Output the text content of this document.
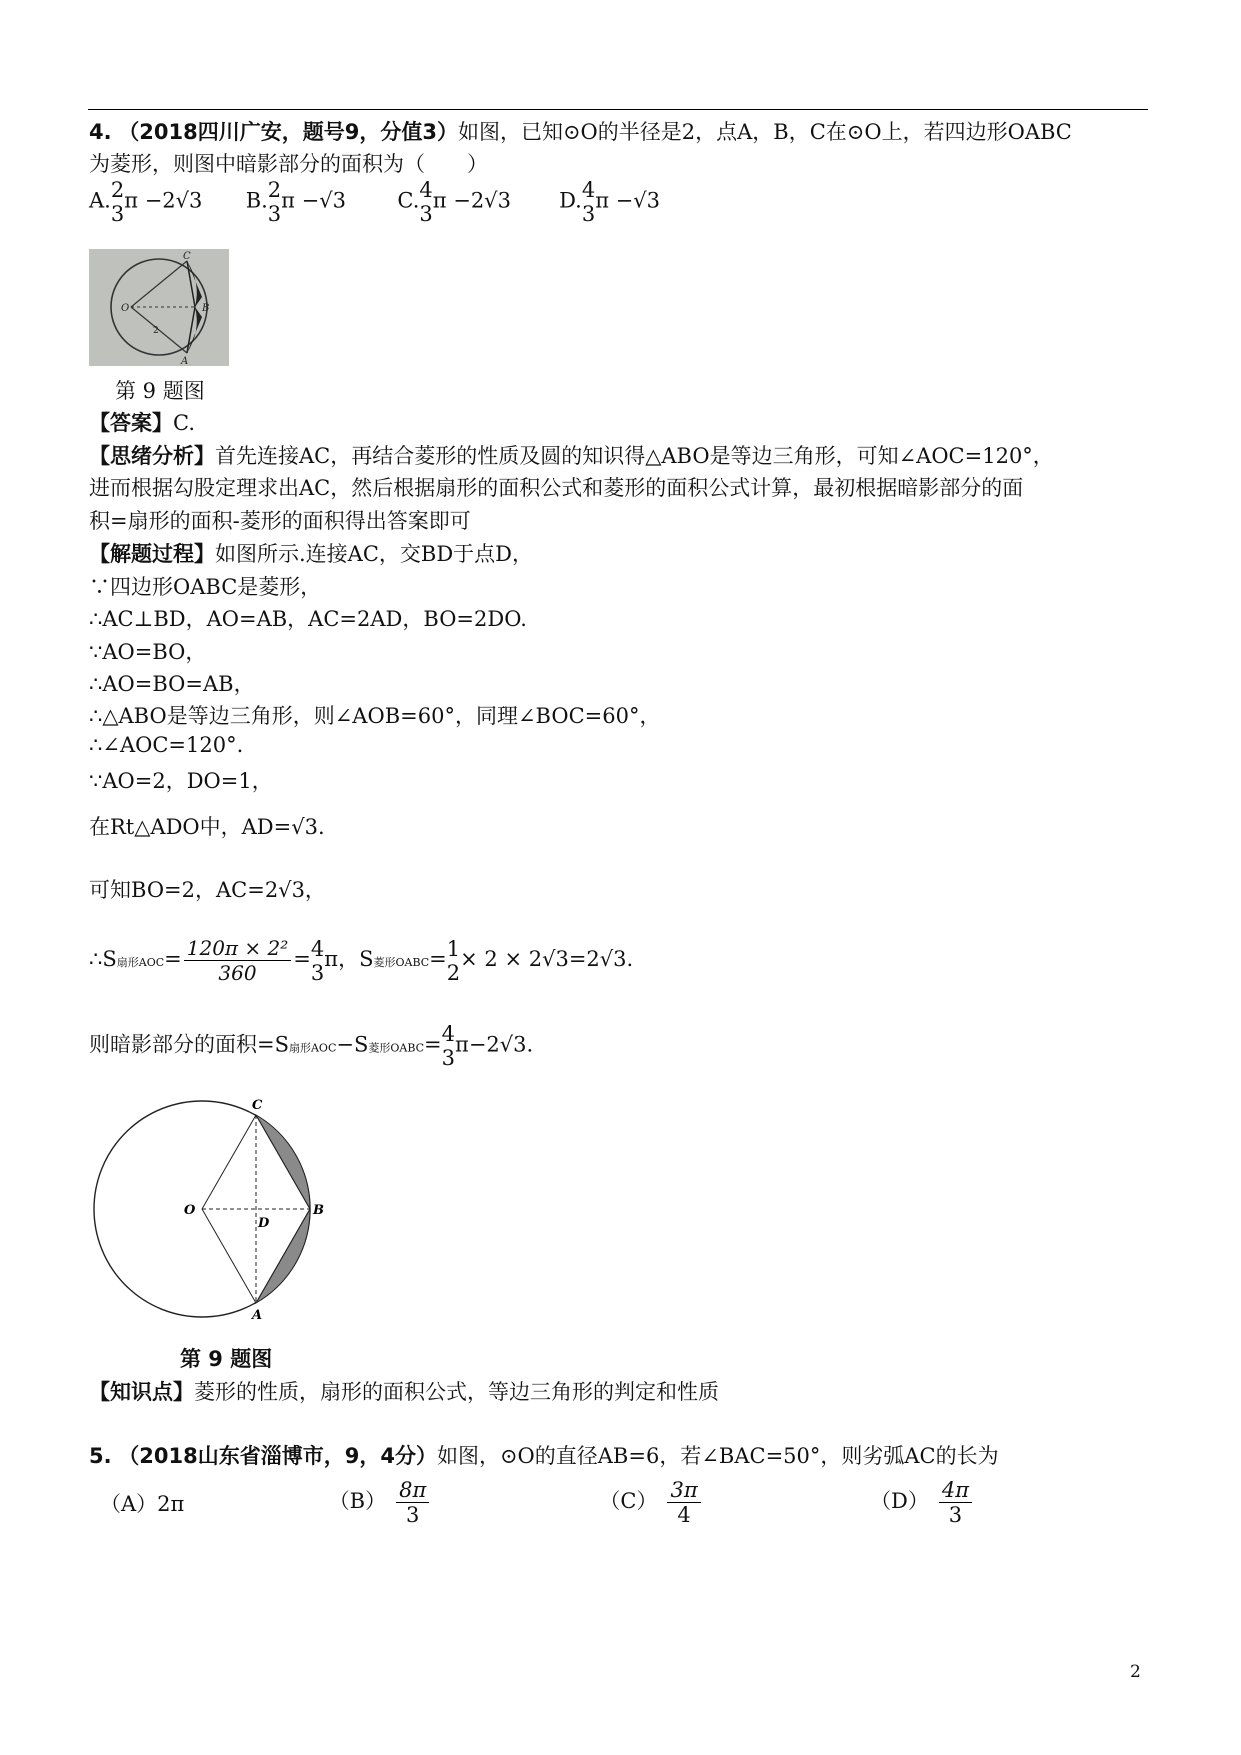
4. （2018四川广安，题号9，分值3）如图，已知⊙O的半径是2，点A，B，C在⊙O上，若四边形OABC
为菱形，则图中暗影部分的面积为（　　）
A. 2
3
π −2√3 B. 2
3
π −√3 C. 4
3
π −2√3 D. 4
3
π −√3
C
O	B
2
A
第 9 题图
【答案】C.
【思绪分析】首先连接AC，再结合菱形的性质及圆的知识得△ABO是等边三角形，可知∠AOC=120°，
进而根据勾股定理求出AC，然后根据扇形的面积公式和菱形的面积公式计算，最初根据暗影部分的面
积=扇形的面积-菱形的面积得出答案即可
【解题过程】如图所示.连接AC，交BD于点D，
∵四边形OABC是菱形，
∴AC⊥BD，AO=AB，AC=2AD，BO=2DO.
∵AO=BO，
∴AO=BO=AB，
∴△ABO是等边三角形，则∠AOB=60°，同理∠BOC=60°，
∴∠AOC=120°.
∵AO=2，DO=1，
在Rt△ADO中，AD=√3.
可知BO=2，AC=2√3，
∴S扇形$AOC= \frac{\text{120π × 2²}}{360} = 4$
3
π，S菱形OABC= 1
2
× 2 × 2√3=2√3.
则暗影部分的面积=S扇形AOC−S菱形OABC= 4
3
π−2√3.
C
O
D
B
A
第 9 题图
【知识点】菱形的性质，扇形的面积公式，等边三角形的判定和性质
5. （2018山东省淄博市，9，4分）如图，⊙O的直径AB=6，若∠BAC=50°，则劣弧AC的长为
（A）2π	$(B) \frac{8\pi}{3}$	$(C) \frac{3\pi}{4}$	$(D) \frac{4\pi}{3}$
2
